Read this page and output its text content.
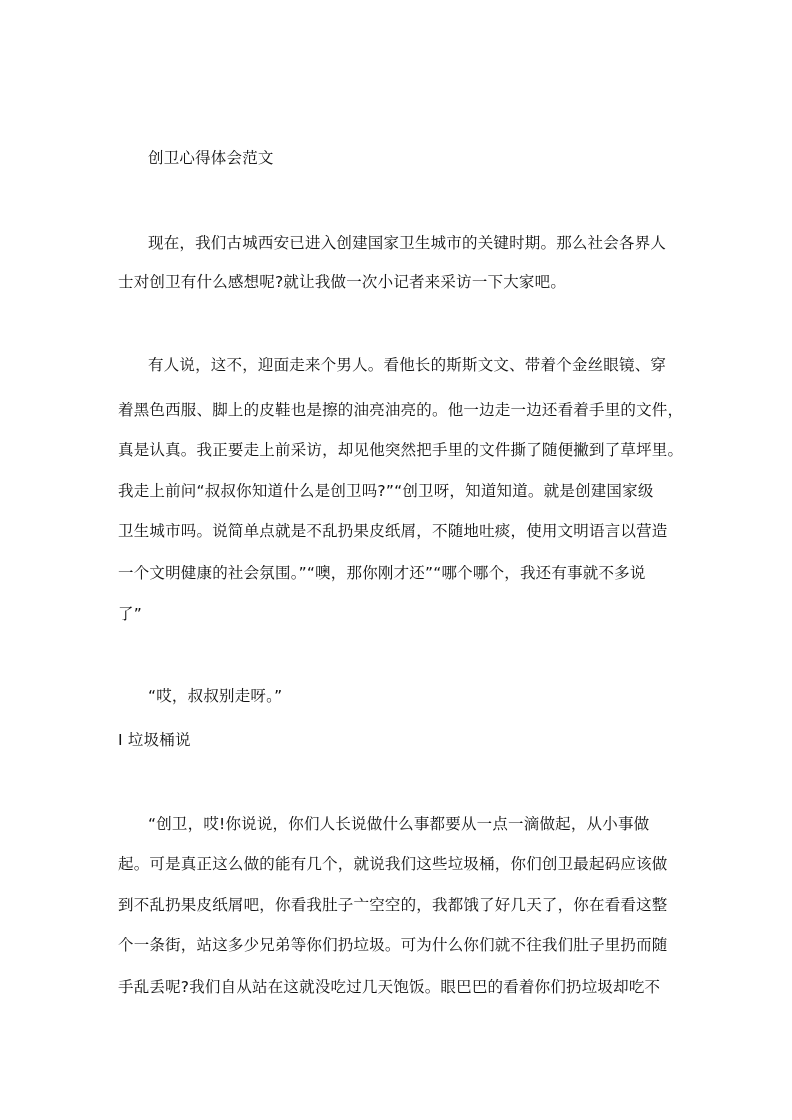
创卫心得体会范文
现在，我们古城西安已进入创建国家卫生城市的关键时期。那么社会各界人
士对创卫有什么感想呢?就让我做一次小记者来采访一下大家吧。
有人说，这不，迎面走来个男人。看他长的斯斯文文、带着个金丝眼镜、穿
着黑色西服、脚上的皮鞋也是擦的油亮油亮的。他一边走一边还看着手里的文件，
真是认真。我正要走上前采访，却见他突然把手里的文件撕了随便撇到了草坪里。
我走上前问“叔叔你知道什么是创卫吗?”“创卫呀，知道知道。就是创建国家级
卫生城市吗。说简单点就是不乱扔果皮纸屑，不随地吐痰，使用文明语言以营造
一个文明健康的社会氛围。”“噢，那你刚才还”“哪个哪个，我还有事就不多说
了”
“哎，叔叔别走呀。”
I 垃圾桶说
“创卫，哎!你说说，你们人长说做什么事都要从一点一滴做起，从小事做
起。可是真正这么做的能有几个，就说我们这些垃圾桶，你们创卫最起码应该做
到不乱扔果皮纸屑吧，你看我肚子亠空空的，我都饿了好几天了，你在看看这整
个一条街，站这多少兄弟等你们扔垃圾。可为什么你们就不往我们肚子里扔而随
手乱丢呢?我们自从站在这就没吃过几天饱饭。眼巴巴的看着你们扔垃圾却吃不
